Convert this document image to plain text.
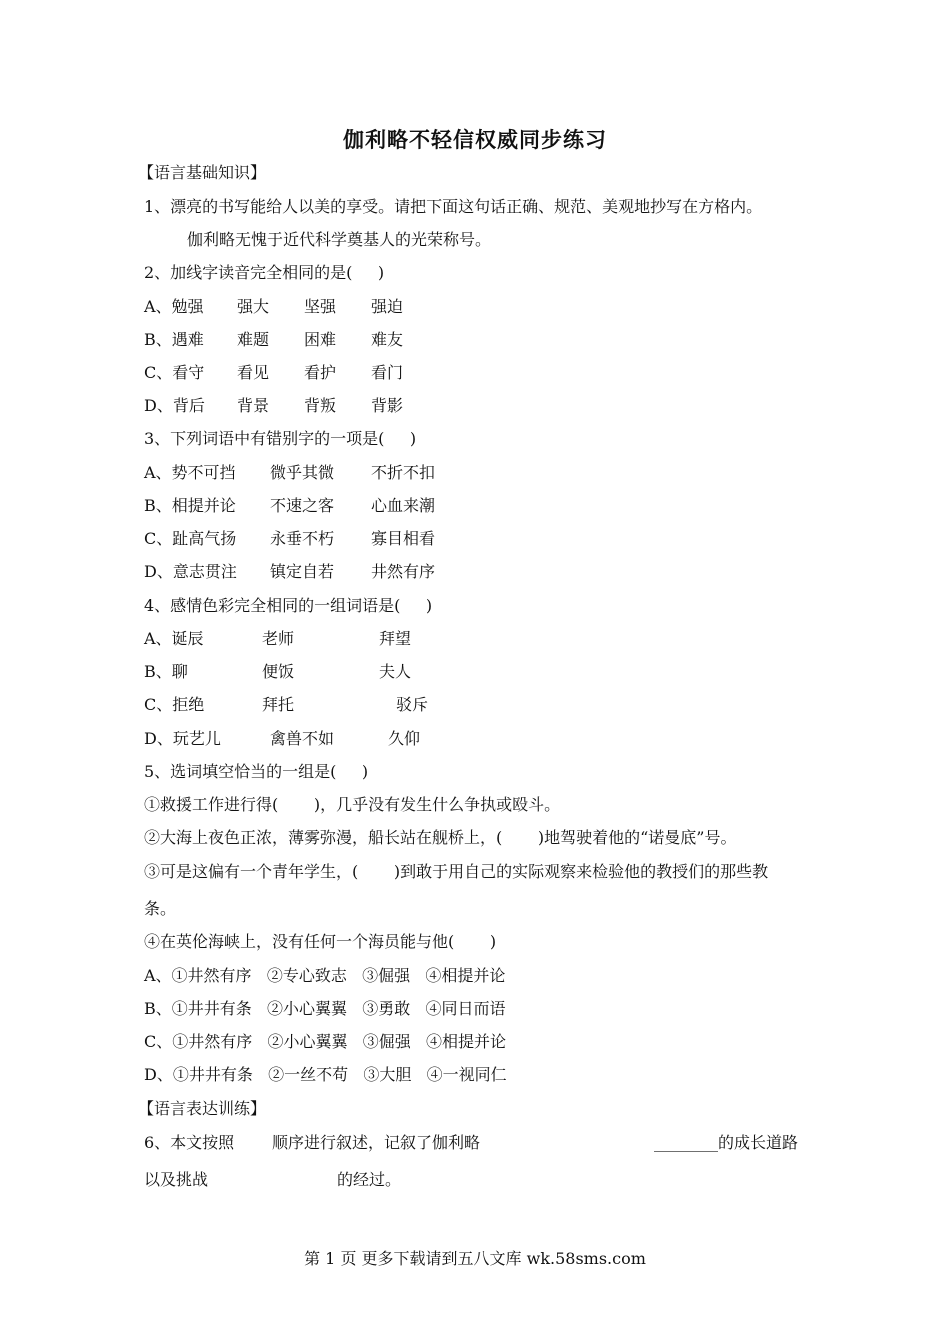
伽利略不轻信权威同步练习
【语言基础知识】
1、漂亮的书写能给人以美的享受。请把下面这句话正确、规范、美观地抄写在方格内。
伽利略无愧于近代科学奠基人的光荣称号。
2、加线字读音完全相同的是(     )
A、勉强 强大 坚强 强迫
B、遇难 难题 困难 难友
C、看守 看见 看护 看门
D、背后 背景 背叛 背影
3、下列词语中有错别字的一项是(     )
A、势不可挡 微乎其微 不折不扣
B、相提并论 不速之客 心血来潮
C、趾高气扬 永垂不朽 寡目相看
D、意志贯注 镇定自若 井然有序
4、感情色彩完全相同的一组词语是(     )
A、诞辰	老师	拜望
B、聊	便饭	夫人
C、拒绝	拜托	驳斥
D、玩艺儿	禽兽不如	久仰
5、选词填空恰当的一组是(     )
①救援工作进行得(       )，几乎没有发生什么争执或殴斗。
②大海上夜色正浓，薄雾弥漫，船长站在舰桥上，(       )地驾驶着他的“诺曼底”号。
③可是这偏有一个青年学生，(       )到敢于用自己的实际观察来检验他的教授们的那些教
条。
④在英伦海峡上，没有任何一个海员能与他(       )
A、①井然有序   ②专心致志   ③倔强   ④相提并论
B、①井井有条   ②小心翼翼   ③勇敢   ④同日而语
C、①井然有序   ②小心翼翼   ③倔强   ④相提并论
D、①井井有条   ②一丝不苟   ③大胆   ④一视同仁
【语言表达训练】
6、本文按照 顺序进行叙述，记叙了伽利略	________的成长道路
以及挑战	的经过。
第 1 页 更多下载请到五八文库 wk.58sms.com
